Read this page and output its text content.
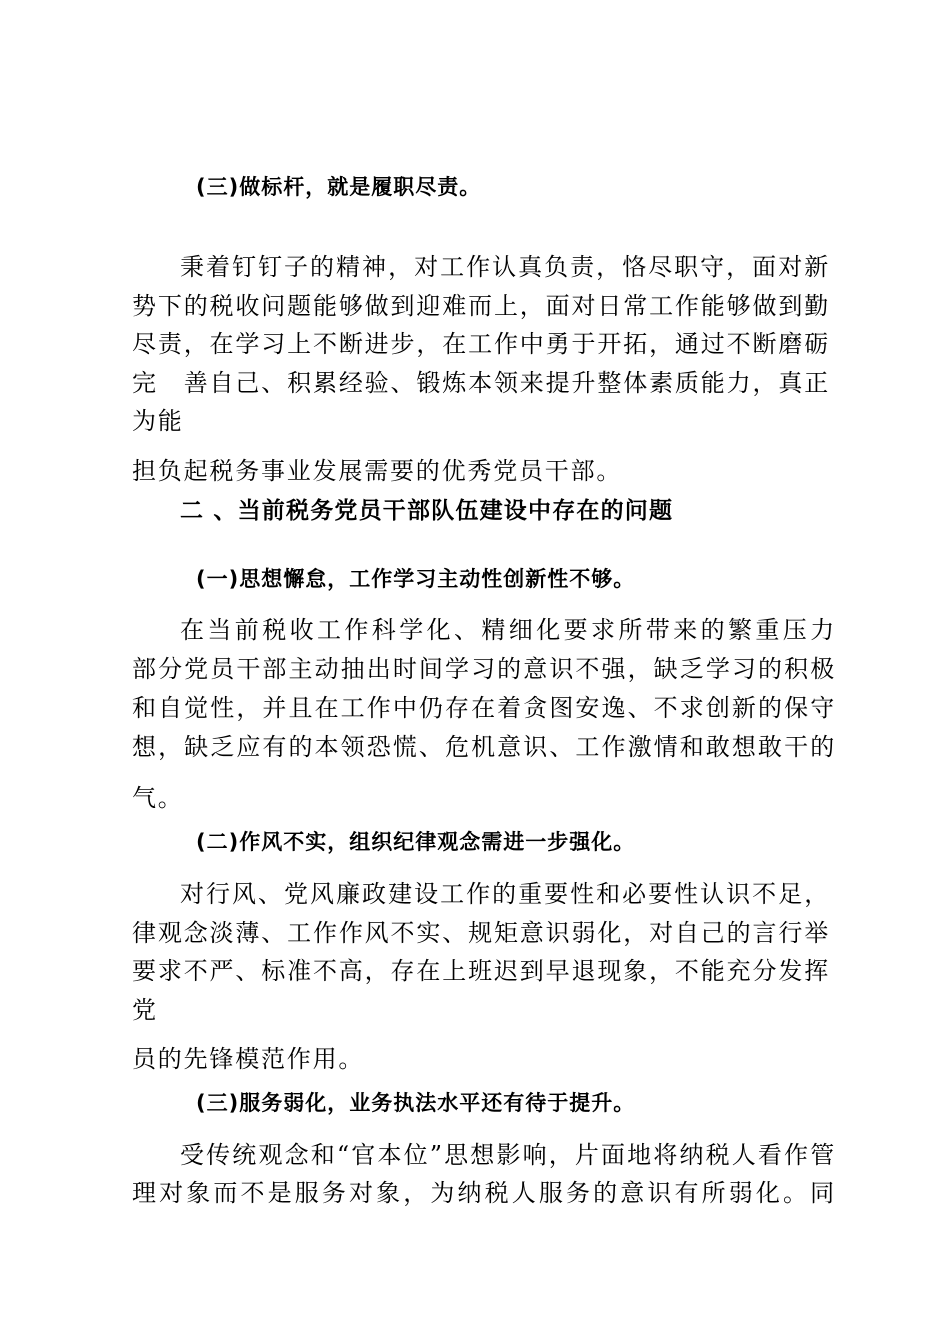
(三)做标杆，就是履职尽责。

秉着钉钉子的精神，对工作认真负责，恪尽职守，面对新

势下的税收问题能够做到迎难而上，面对日常工作能够做到勤

尽责，在学习上不断进步，在工作中勇于开拓，通过不断磨砺

完　善自己、积累经验、锻炼本领来提升整体素质能力，真正

为能

担负起税务事业发展需要的优秀党员干部。

二 、当前税务党员干部队伍建设中存在的问题

(一)思想懈怠，工作学习主动性创新性不够。

在当前税收工作科学化、精细化要求所带来的繁重压力

部分党员干部主动抽出时间学习的意识不强，缺乏学习的积极

和自觉性，并且在工作中仍存在着贪图安逸、不求创新的保守

想，缺乏应有的本领恐慌、危机意识、工作激情和敢想敢干的

气。

(二)作风不实，组织纪律观念需进一步强化。

对行风、党风廉政建设工作的重要性和必要性认识不足，

律观念淡薄、工作作风不实、规矩意识弱化，对自己的言行举

要求不严、标准不高，存在上班迟到早退现象，不能充分发挥

党

员的先锋模范作用。

(三)服务弱化，业务执法水平还有待于提升。

受传统观念和“官本位”思想影响，片面地将纳税人看作管

理对象而不是服务对象，为纳税人服务的意识有所弱化。同
